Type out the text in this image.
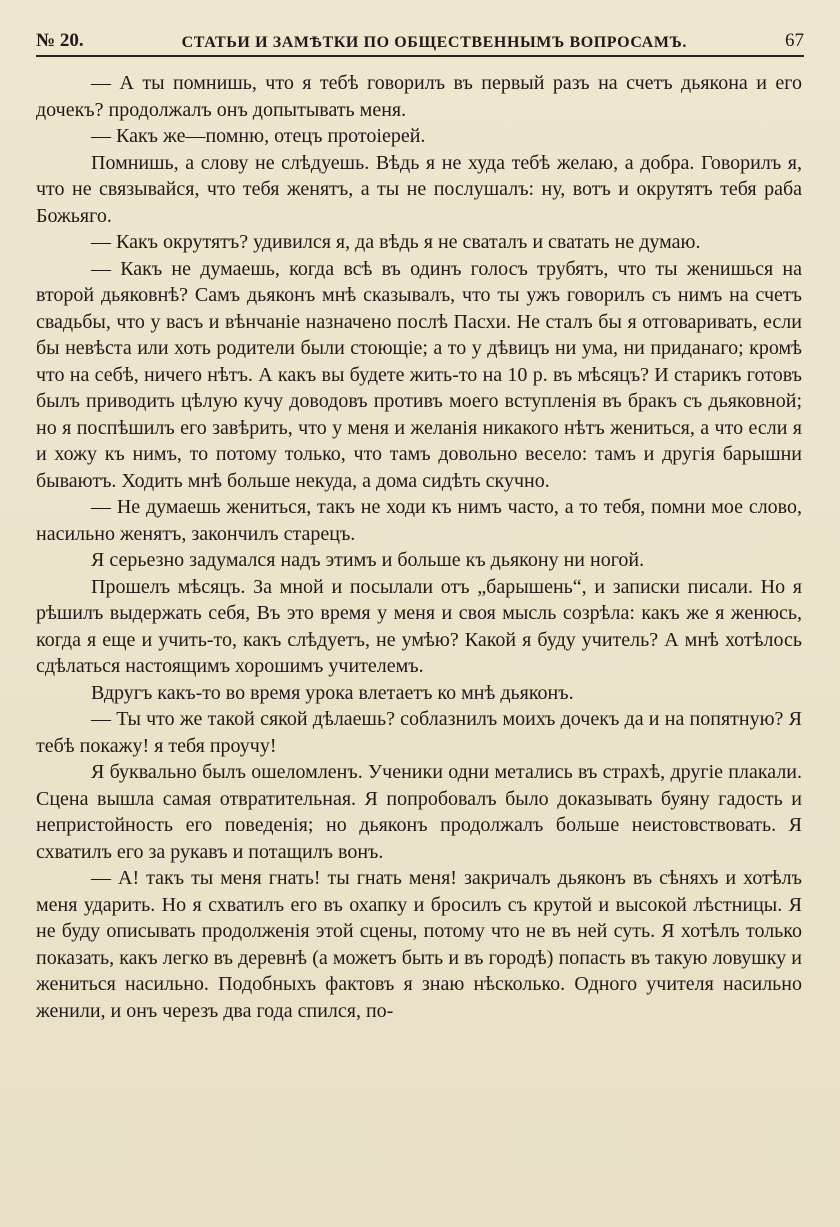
№ 20.	СТАТЬИ И ЗАМѢТКИ ПО ОБЩЕСТВЕННЫМЪ ВОПРОСАМЪ.	67

— А ты помнишь, что я тебѣ говорилъ въ первый разъ на счетъ дьякона и его дочекъ? продолжалъ онъ допытывать меня.

— Какъ же—помню, отецъ протоіерей.

Помнишь, а слову не слѣдуешь. Вѣдь я не худа тебѣ желаю, а добра. Говорилъ я, что не связывайся, что тебя женятъ, а ты не послушалъ: ну, вотъ и окрутятъ тебя раба Божьяго.

— Какъ окрутятъ? удивился я, да вѣдь я не сваталъ и сватать не думаю.

— Какъ не думаешь, когда всѣ въ одинъ голосъ трубятъ, что ты женишься на второй дьяковнѣ? Самъ дьяконъ мнѣ сказывалъ, что ты ужъ говорилъ съ нимъ на счетъ свадьбы, что у васъ и вѣнчаніе назначено послѣ Пасхи. Не сталъ бы я отговаривать, если бы невѣста или хоть родители были стоющіе; а то у дѣвицъ ни ума, ни приданаго; кромѣ что на себѣ, ничего нѣтъ. А какъ вы будете жить-то на 10 р. въ мѣсяцъ? И старикъ готовъ былъ приводить цѣлую кучу доводовъ противъ моего вступленія въ бракъ съ дьяковной; но я поспѣшилъ его завѣрить, что у меня и желанія никакого нѣтъ жениться, а что если я и хожу къ нимъ, то потому только, что тамъ довольно весело: тамъ и другія барышни бываютъ. Ходить мнѣ больше некуда, а дома сидѣть скучно.

— Не думаешь жениться, такъ не ходи къ нимъ часто, а то тебя, помни мое слово, насильно женятъ, закончилъ старецъ.

Я серьезно задумался надъ этимъ и больше къ дьякону ни ногой.

Прошелъ мѣсяцъ. За мной и посылали отъ „барышень“, и записки писали. Но я рѣшилъ выдержать себя, Въ это время у меня и своя мысль созрѣла: какъ же я женюсь, когда я еще и учить-то, какъ слѣдуетъ, не умѣю? Какой я буду учитель? А мнѣ хотѣлось сдѣлаться настоящимъ хорошимъ учителемъ.

Вдругъ какъ-то во время урока влетаетъ ко мнѣ дьяконъ.

— Ты что же такой сякой дѣлаешь? соблазнилъ моихъ дочекъ да и на попятную? Я тебѣ покажу! я тебя проучу!

Я буквально былъ ошеломленъ. Ученики одни метались въ страхѣ, другіе плакали. Сцена вышла самая отвратительная. Я попробовалъ было доказывать буяну гадость и непристойность его поведенія; но дьяконъ продолжалъ больше неистовствовать. Я схватилъ его за рукавъ и потащилъ вонъ.

— А! такъ ты меня гнать! ты гнать меня! закричалъ дьяконъ въ сѣняхъ и хотѣлъ меня ударить. Но я схватилъ его въ охапку и бросилъ съ крутой и высокой лѣстницы. Я не буду описывать продолженія этой сцены, потому что не въ ней суть. Я хотѣлъ только показать, какъ легко въ деревнѣ (а можетъ быть и въ городѣ) попасть въ такую ловушку и жениться насильно. Подобныхъ фактовъ я знаю нѣсколько. Одного учителя насильно женили, и онъ черезъ два года спился, по-
